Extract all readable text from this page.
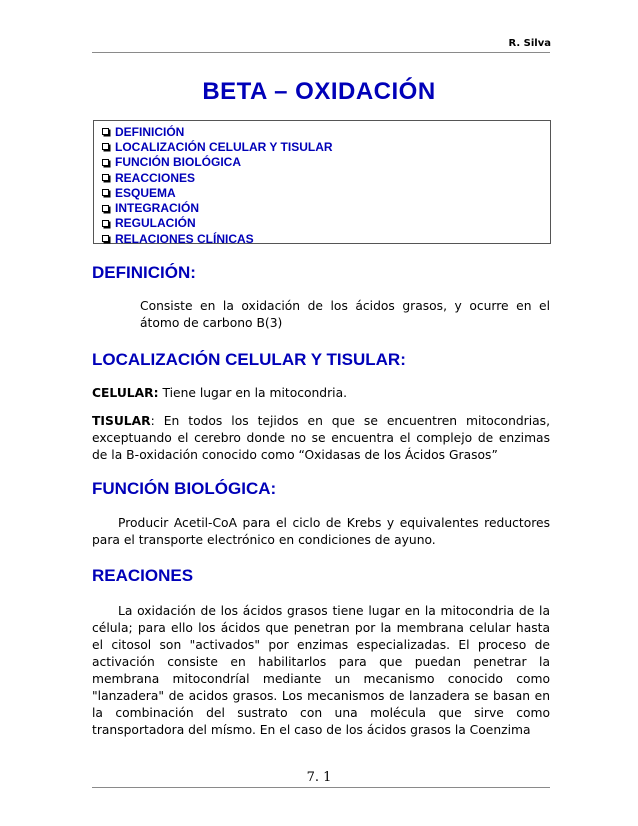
R. Silva
BETA – OXIDACIÓN
DEFINICIÓN
LOCALIZACIÓN CELULAR Y TISULAR
FUNCIÓN BIOLÓGICA
REACCIONES
ESQUEMA
INTEGRACIÓN
REGULACIÓN
RELACIONES CLÍNICAS
DEFINICIÓN:
Consiste en la oxidación de los ácidos grasos, y ocurre en el átomo de carbono B(3)
LOCALIZACIÓN CELULAR Y TISULAR:
CELULAR: Tiene lugar en la mitocondria.
TISULAR: En todos los tejidos en que se encuentren mitocondrias, exceptuando el cerebro donde no se encuentra el complejo de enzimas de la B-oxidación conocido como “Oxidasas de los Ácidos Grasos”
FUNCIÓN BIOLÓGICA:
Producir Acetil-CoA para el ciclo de Krebs y equivalentes reductores para el transporte electrónico en condiciones de ayuno.
REACIONES
La oxidación de los ácidos grasos tiene lugar en la mitocondria de la célula; para ello los ácidos que penetran por la membrana celular hasta el citosol son "activados" por enzimas especializadas. El proceso de activación consiste en habilitarlos para que puedan penetrar la membrana mitocondríal mediante un mecanismo conocido como "lanzadera" de acidos grasos. Los mecanismos de lanzadera se basan en la combinación del sustrato con una molécula que sirve como transportadora del mísmo. En el caso de los ácidos grasos la Coenzima
7. 1
